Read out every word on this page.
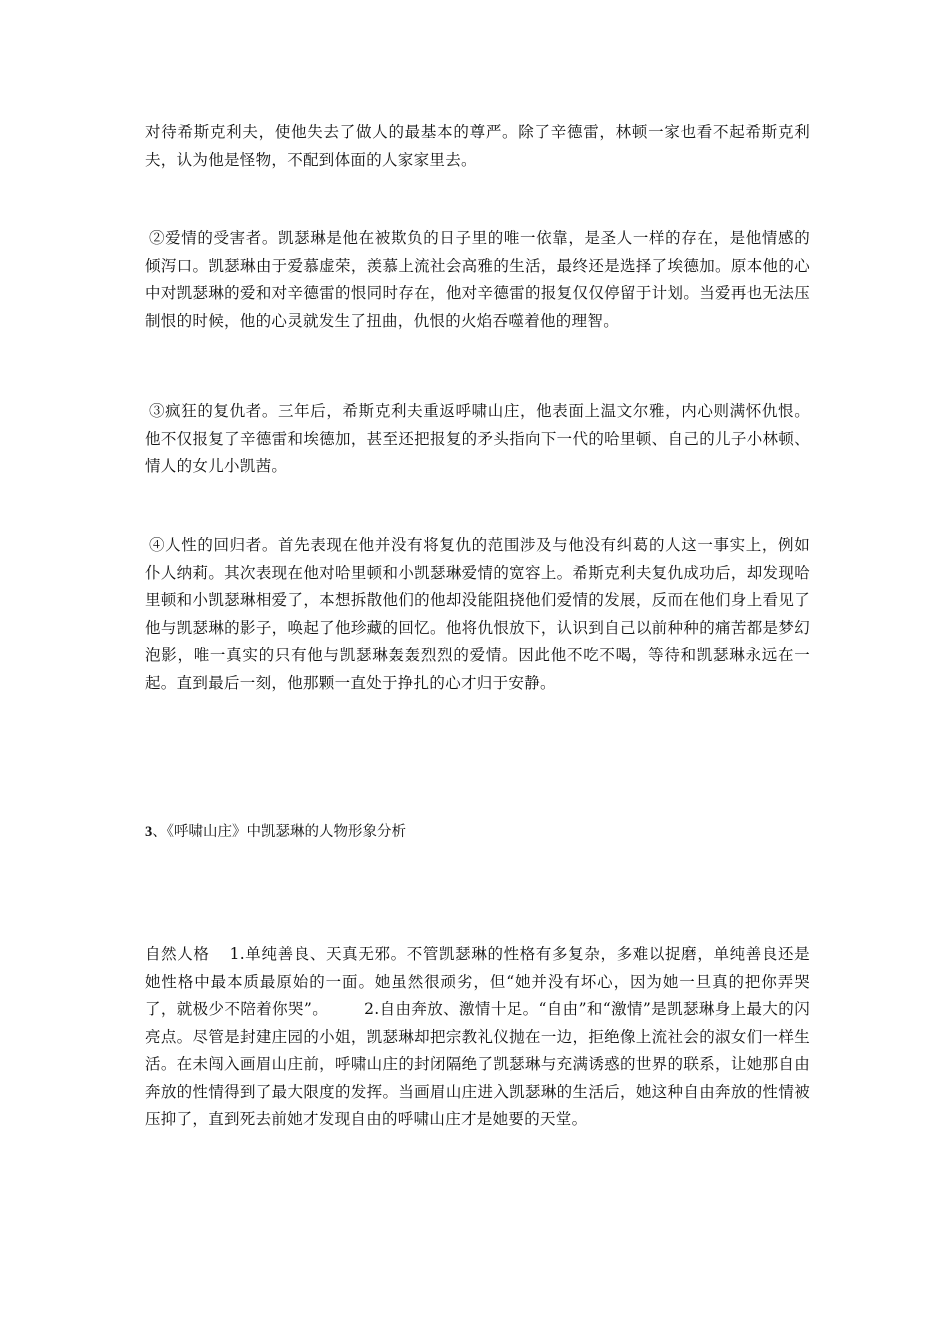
对待希斯克利夫，使他失去了做人的最基本的尊严。除了辛德雷，林顿一家也看不起希斯克利夫，认为他是怪物，不配到体面的人家家里去。

②爱情的受害者。凯瑟琳是他在被欺负的日子里的唯一依靠，是圣人一样的存在，是他情感的倾泻口。凯瑟琳由于爱慕虚荣，羡慕上流社会高雅的生活，最终还是选择了埃德加。原本他的心中对凯瑟琳的爱和对辛德雷的恨同时存在，他对辛德雷的报复仅仅停留于计划。当爱再也无法压制恨的时候，他的心灵就发生了扭曲，仇恨的火焰吞噬着他的理智。

③疯狂的复仇者。三年后，希斯克利夫重返呼啸山庄，他表面上温文尔雅，内心则满怀仇恨。他不仅报复了辛德雷和埃德加，甚至还把报复的矛头指向下一代的哈里顿、自己的儿子小林顿、情人的女儿小凯茜。

④人性的回归者。首先表现在他并没有将复仇的范围涉及与他没有纠葛的人这一事实上，例如仆人纳莉。其次表现在他对哈里顿和小凯瑟琳爱情的宽容上。希斯克利夫复仇成功后，却发现哈里顿和小凯瑟琳相爱了，本想拆散他们的他却没能阻挠他们爱情的发展，反而在他们身上看见了他与凯瑟琳的影子，唤起了他珍藏的回忆。他将仇恨放下，认识到自己以前种种的痛苦都是梦幻泡影，唯一真实的只有他与凯瑟琳轰轰烈烈的爱情。因此他不吃不喝，等待和凯瑟琳永远在一起。直到最后一刻，他那颗一直处于挣扎的心才归于安静。

3、《呼啸山庄》中凯瑟琳的人物形象分析

自然人格 1.单纯善良、天真无邪。不管凯瑟琳的性格有多复杂，多难以捉磨，单纯善良还是她性格中最本质最原始的一面。她虽然很顽劣，但“她并没有坏心，因为她一旦真的把你弄哭了，就极少不陪着你哭”。 2.自由奔放、激情十足。“自由”和“激情”是凯瑟琳身上最大的闪亮点。尽管是封建庄园的小姐，凯瑟琳却把宗教礼仪抛在一边，拒绝像上流社会的淑女们一样生活。在未闯入画眉山庄前，呼啸山庄的封闭隔绝了凯瑟琳与充满诱惑的世界的联系，让她那自由奔放的性情得到了最大限度的发挥。当画眉山庄进入凯瑟琳的生活后，她这种自由奔放的性情被压抑了，直到死去前她才发现自由的呼啸山庄才是她要的天堂。
